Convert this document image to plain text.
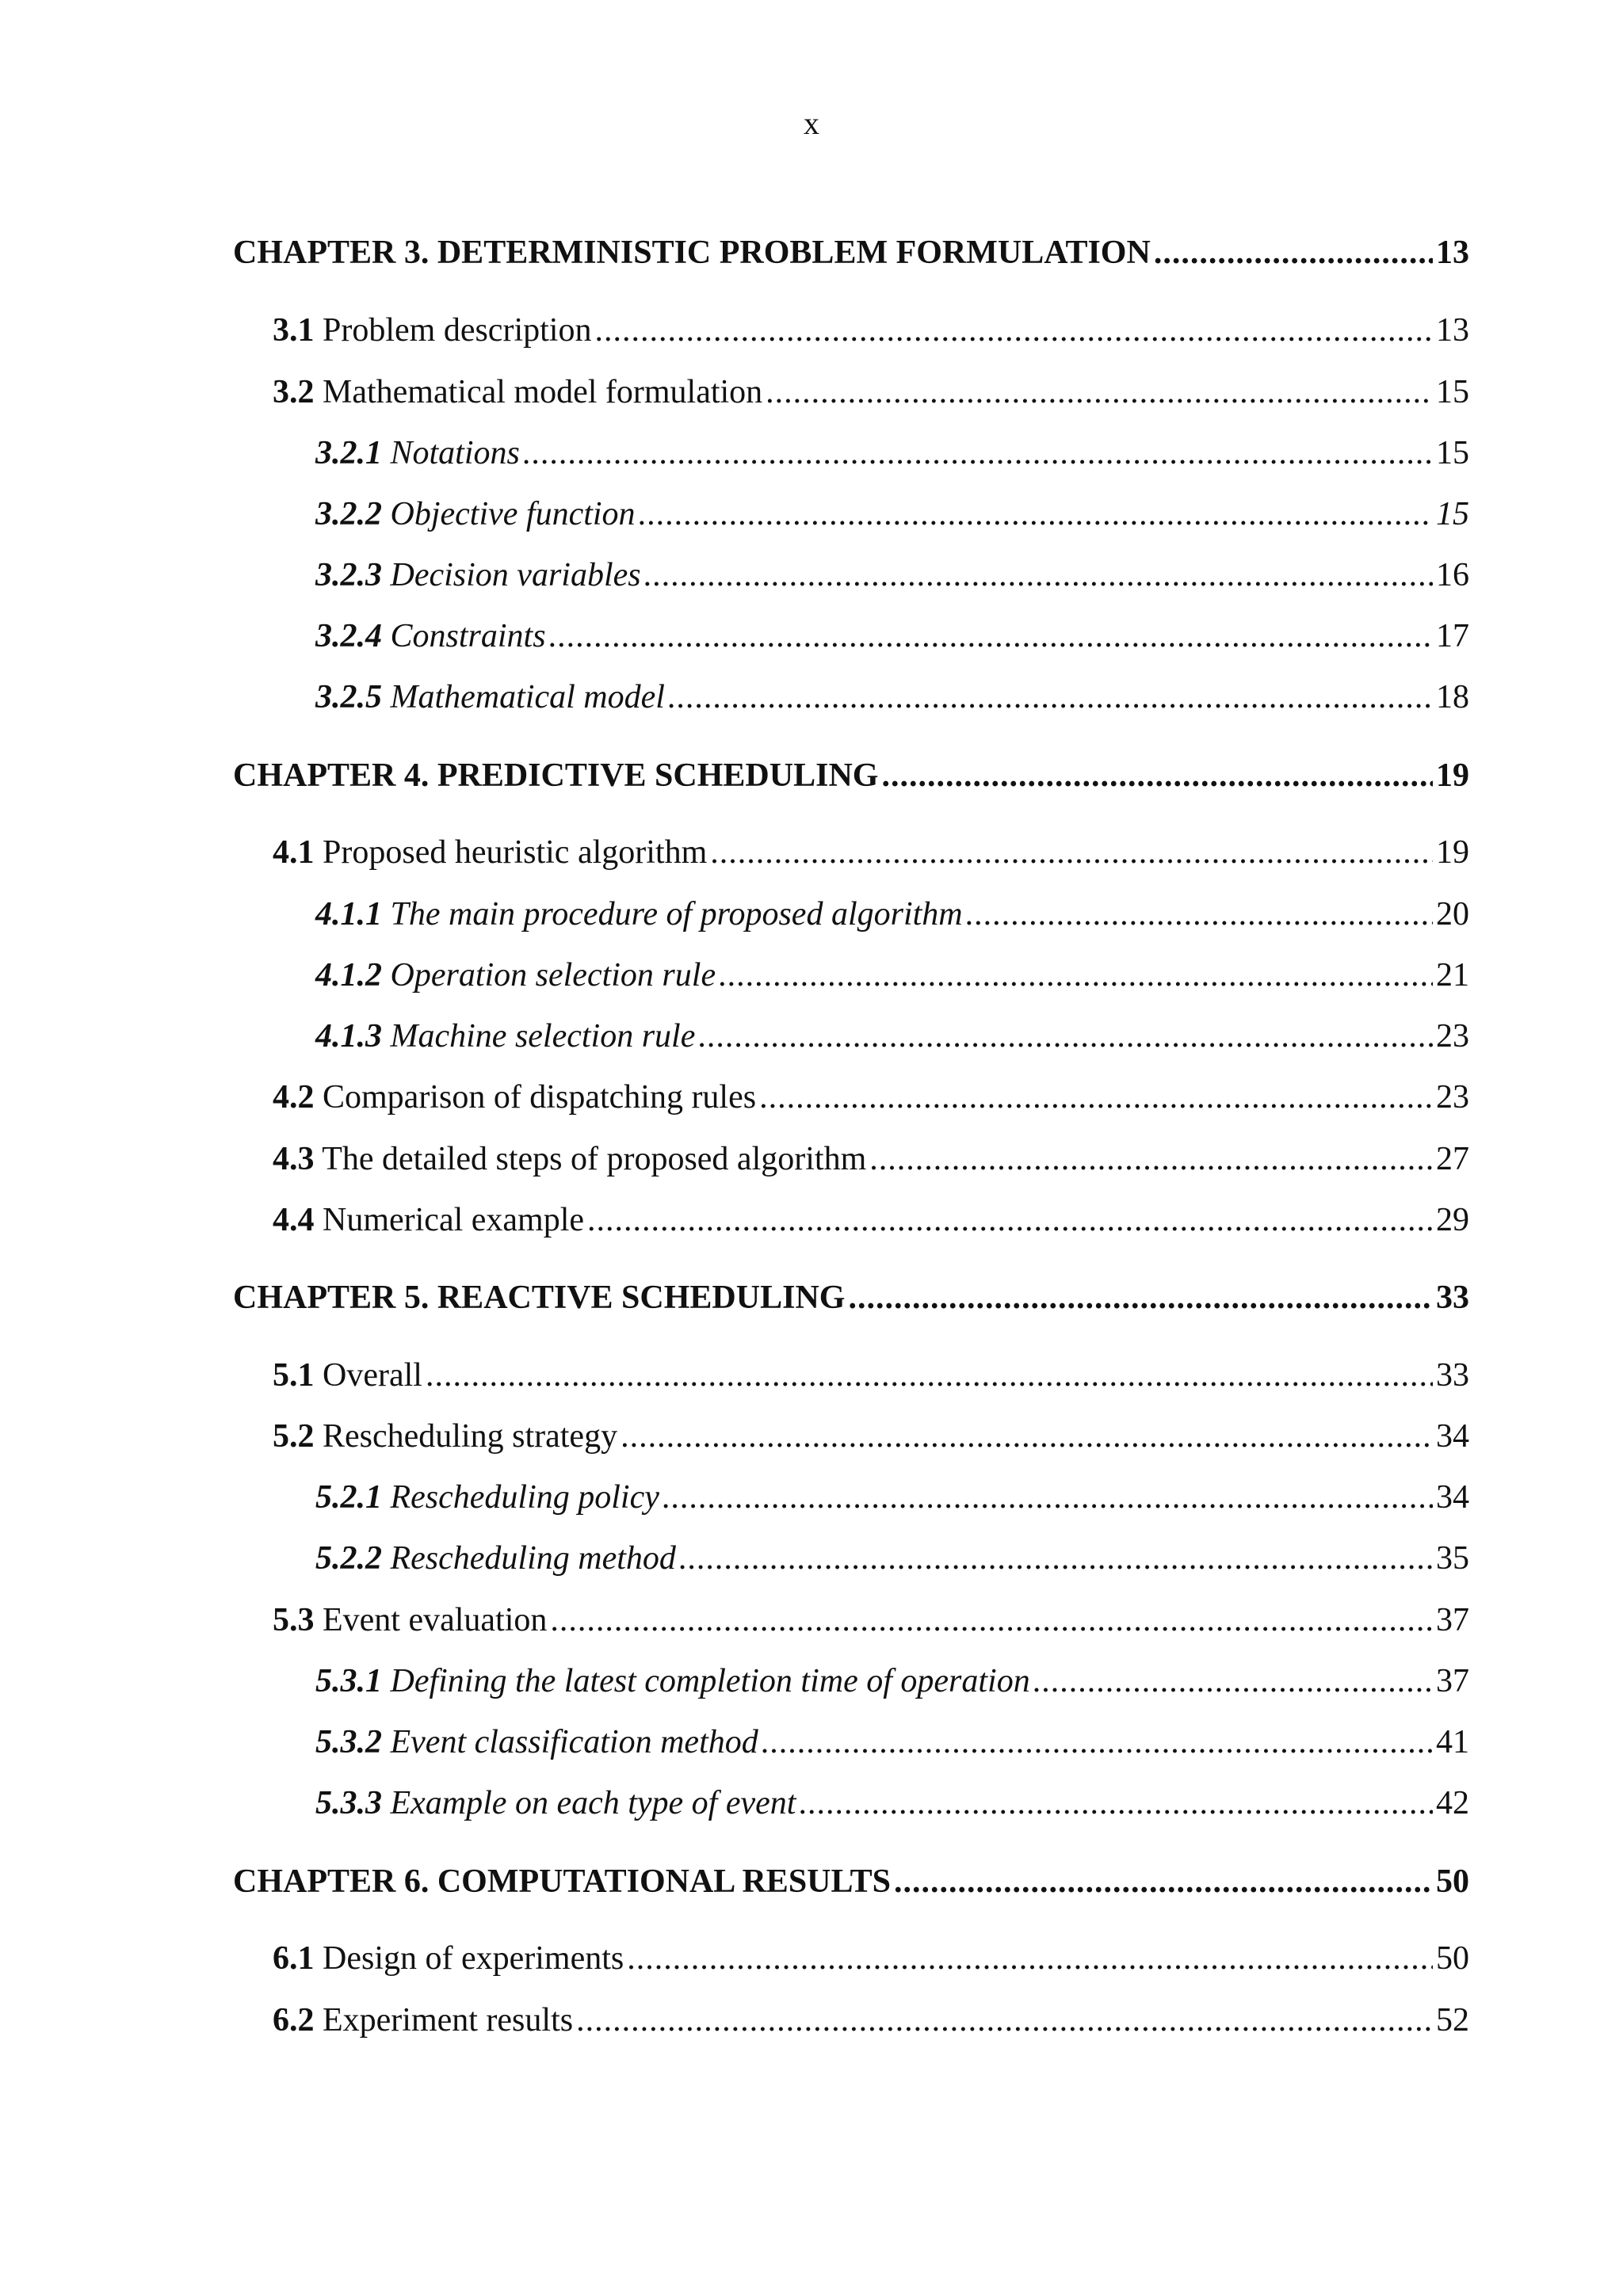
x
CHAPTER 3. DETERMINISTIC PROBLEM FORMULATION .....	13
3.1 Problem description .....	13
3.2 Mathematical model formulation .....	15
3.2.1 Notations .....	15
3.2.2 Objective function .....	15
3.2.3 Decision variables .....	16
3.2.4 Constraints .....	17
3.2.5 Mathematical model .....	18
CHAPTER 4. PREDICTIVE SCHEDULING .....	19
4.1 Proposed heuristic algorithm .....	19
4.1.1 The main procedure of proposed algorithm .....	20
4.1.2 Operation selection rule .....	21
4.1.3 Machine selection rule .....	23
4.2 Comparison of dispatching rules .....	23
4.3 The detailed steps of proposed algorithm .....	27
4.4 Numerical example .....	29
CHAPTER 5. REACTIVE SCHEDULING .....	33
5.1 Overall .....	33
5.2 Rescheduling strategy .....	34
5.2.1 Rescheduling policy .....	34
5.2.2 Rescheduling method .....	35
5.3 Event evaluation .....	37
5.3.1 Defining the latest completion time of operation .....	37
5.3.2 Event classification method .....	41
5.3.3 Example on each type of event .....	42
CHAPTER 6. COMPUTATIONAL RESULTS .....	50
6.1 Design of experiments .....	50
6.2 Experiment results .....	52
